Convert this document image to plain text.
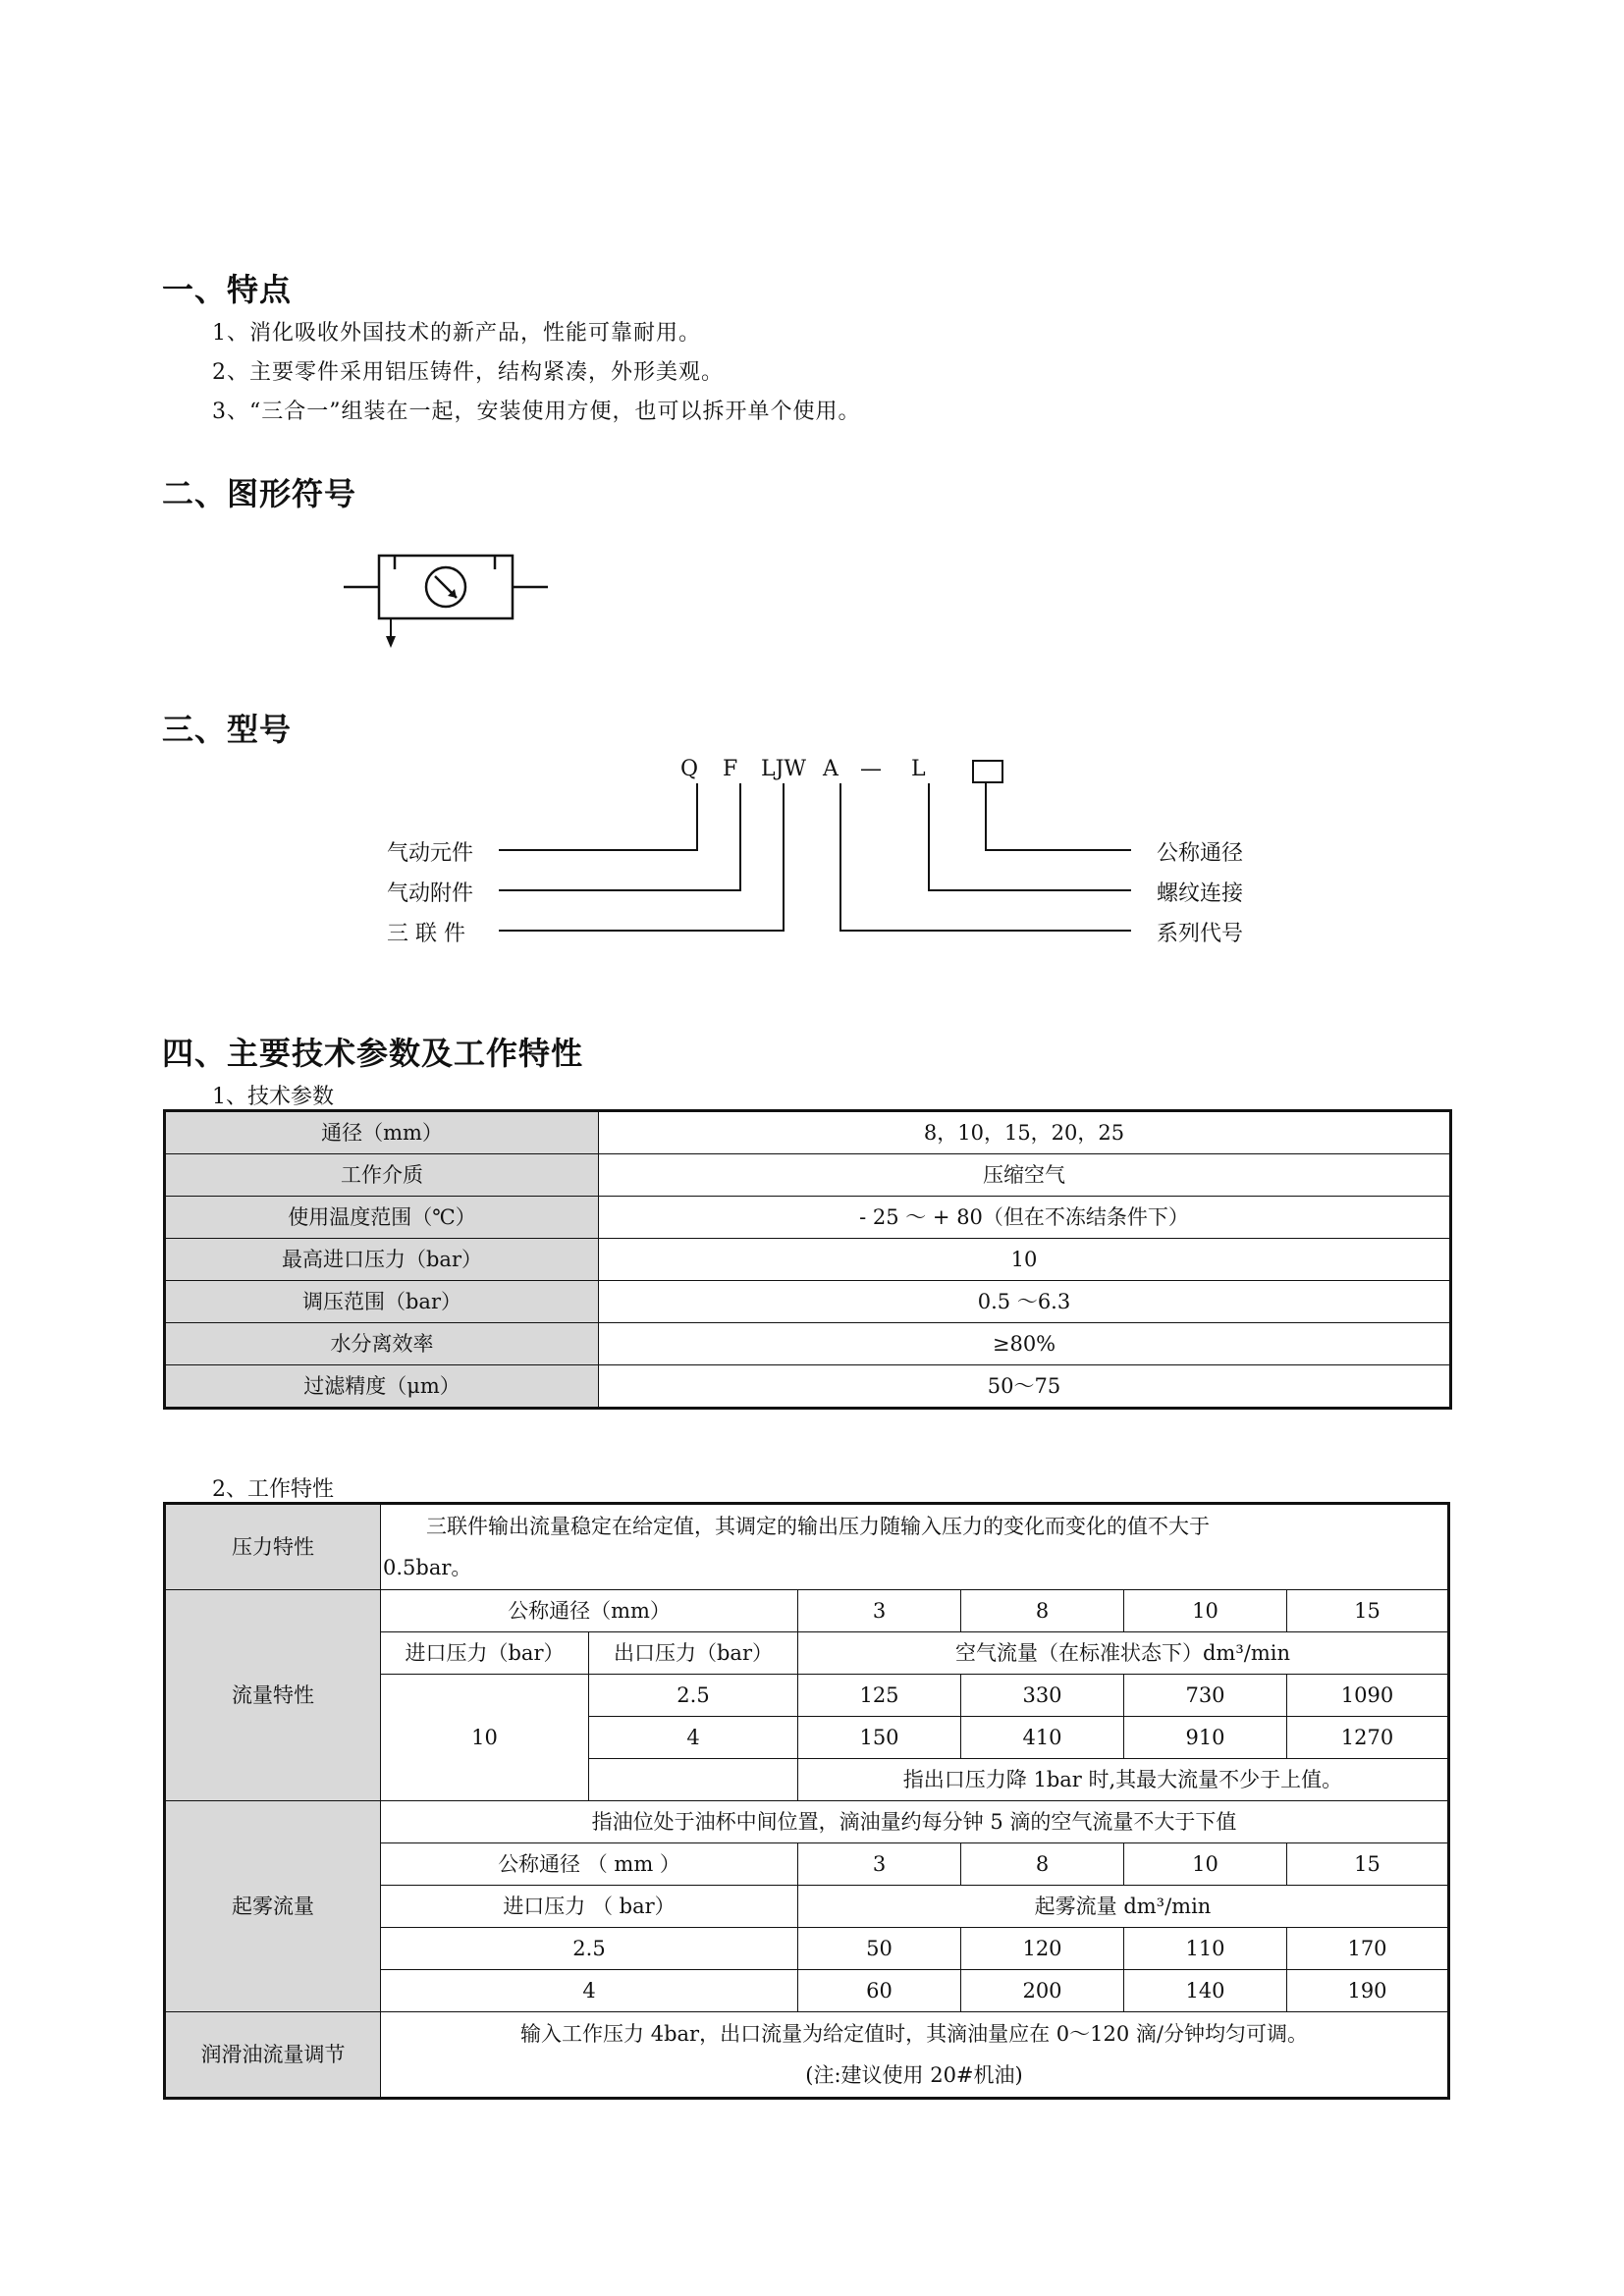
一、特点
1、消化吸收外国技术的新产品，性能可靠耐用。
2、主要零件采用铝压铸件，结构紧凑，外形美观。
3、“三合一”组装在一起，安装使用方便，也可以拆开单个使用。
二、图形符号
三、型号
Q F LJW A — L
气动元件
气动附件
三 联 件
公称通径
螺纹连接
系列代号
四、主要技术参数及工作特性
1、技术参数
通径（mm）	8，10，15，20，25
工作介质	压缩空气
使用温度范围（℃）	- 25 ～ + 80（但在不冻结条件下）
最高进口压力（bar）	10
调压范围（bar）	0.5 ～6.3
水分离效率	≥80%
过滤精度（μm）	50～75
2、工作特性
压力特性	三联件输出流量稳定在给定值，其调定的输出压力随输入压力的变化而变化的值不大于
0.5bar。					
流量特性	公称通径（mm）		3	8	10	15
	进口压力（bar）	出口压力（bar）	空气流量（在标准状态下）dm³/min			
	10	2.5	125	330	730	1090
		4	150	410	910	1270
			指出口压力降 1bar 时,其最大流量不少于上值。			
起雾流量	指油位处于油杯中间位置，滴油量约每分钟 5 滴的空气流量不大于下值					
	公称通径 （ mm ）		3	8	10	15
	进口压力 （ bar）		起雾流量 dm³/min			
	2.5		50	120	110	170
	4		60	200	140	190
润滑油流量调节	输入工作压力 4bar，出口流量为给定值时，其滴油量应在 0～120 滴/分钟均匀可调。
(注:建议使用 20#机油)					
